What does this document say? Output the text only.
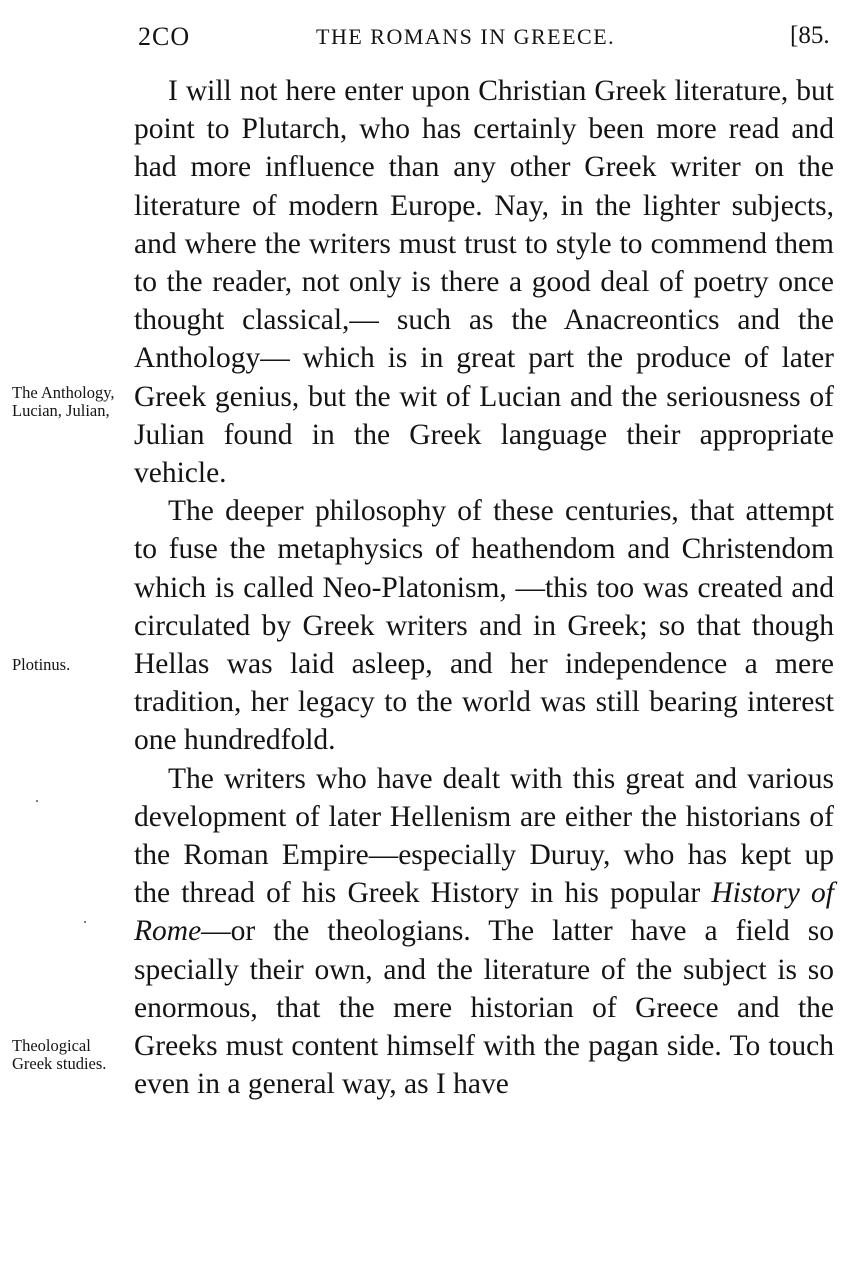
2CO	THE ROMANS IN GREECE.	[85.

I will not here enter upon Christian Greek literature, but point to Plutarch, who has certainly been more read and had more influence than any other Greek writer on the literature of modern Europe. Nay, in the lighter subjects, and where the writers must trust to style to commend them to the reader, not only is there a good deal of poetry once thought classical,— such as the Anacreontics and the Anthology— which is in great part the produce of later Greek genius, but the wit of Lucian and the seriousness of Julian found in the Greek language their appropriate vehicle.

The deeper philosophy of these centuries, that attempt to fuse the metaphysics of heathendom and Christendom which is called Neo-Platonism, —this too was created and circulated by Greek writers and in Greek; so that though Hellas was laid asleep, and her independence a mere tradition, her legacy to the world was still bearing interest one hundredfold.

The writers who have dealt with this great and various development of later Hellenism are either the historians of the Roman Empire—especially Duruy, who has kept up the thread of his Greek History in his popular History of Rome—or the theologians. The latter have a field so specially their own, and the literature of the subject is so enormous, that the mere historian of Greece and the Greeks must content himself with the pagan side. To touch even in a general way, as I have

The Anthology, Lucian, Julian,
Plotinus.
Theological Greek studies.
